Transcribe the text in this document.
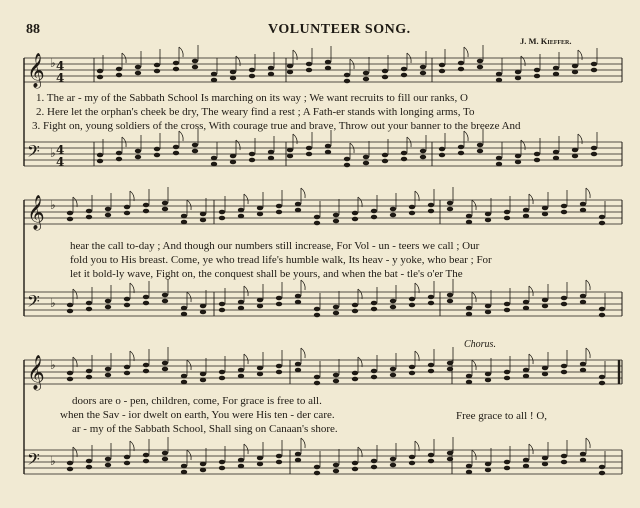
88	VOLUNTEER SONG.
J. M. Kieffer.
1. The ar - my of the Sabbath School Is marching on its way ; We want recruits to fill our ranks, O
2. Here let the orphan's cheek be dry, The weary find a rest ; A Fath-er stands with longing arms, To
3. Fight on, young soldiers of the cross, With courage true and brave, Throw out your banner to the breeze And
hear the call to-day ; And though our numbers still increase, For Vol - un - teers we call ; Our
fold you to His breast. Come, ye who tread life's humble walk, Its heav - y yoke, who bear ; For
let it bold-ly wave, Fight on, the conquest shall be yours, and when the bat - tle's o'er The
Chorus.
doors are o - pen, children, come, For grace is free to all.
when the Sav - ior dwelt on earth, You were His ten - der care.
ar - my of the Sabbath School, Shall sing on Canaan's shore.
Free grace to all ! O,
𝄞 ♭
𝄢 ♭
𝄞 ♭
𝄢 ♭
𝄞 ♭
𝄢 ♭
4
4
4
4
